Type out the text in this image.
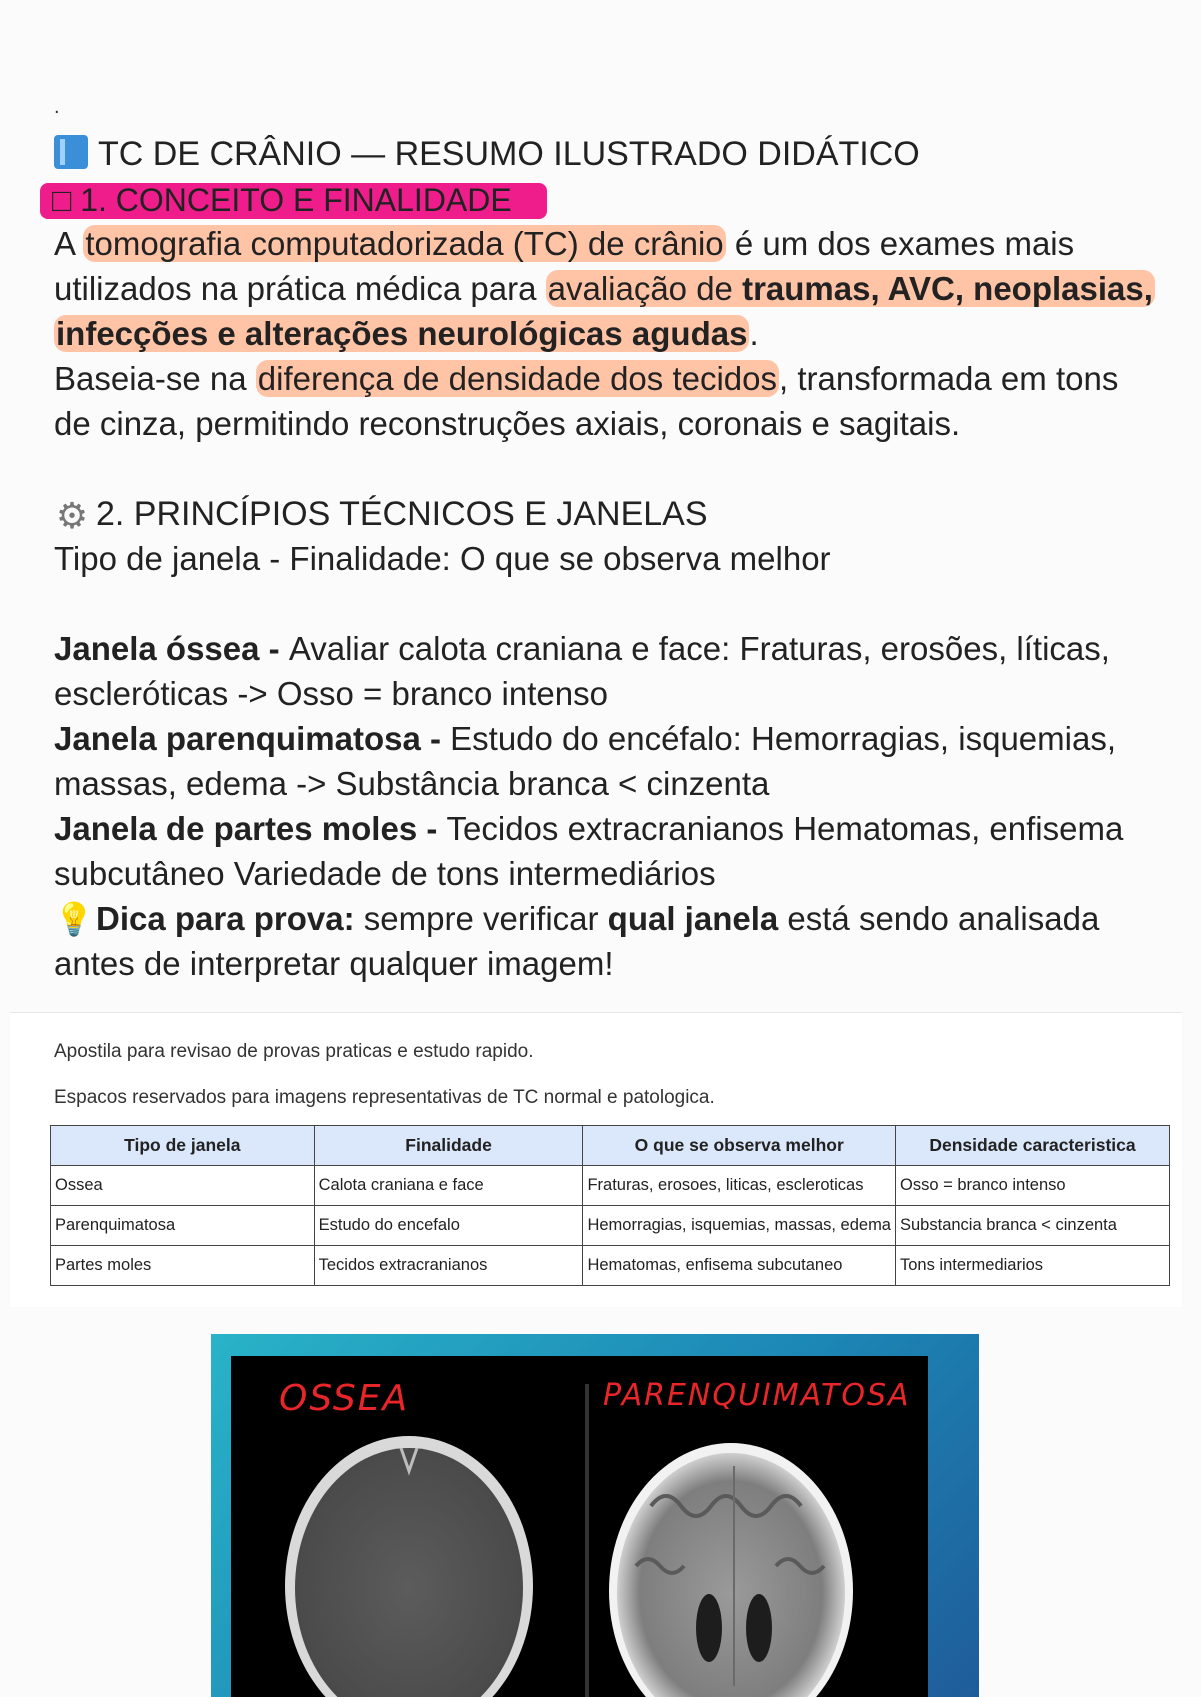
.
TC DE CRÂNIO — RESUMO ILUSTRADO DIDÁTICO
□ 1. CONCEITO E FINALIDADE
A tomografia computadorizada (TC) de crânio é um dos exames mais
utilizados na prática médica para avaliação de traumas, AVC, neoplasias,
infecções e alterações neurológicas agudas.
Baseia-se na diferença de densidade dos tecidos, transformada em tons
de cinza, permitindo reconstruções axiais, coronais e sagitais.
⚙ 2. PRINCÍPIOS TÉCNICOS E JANELAS
Tipo de janela - Finalidade: O que se observa melhor
Janela óssea - Avaliar calota craniana e face: Fraturas, erosões, líticas,
escleróticas -> Osso = branco intenso
Janela parenquimatosa - Estudo do encéfalo: Hemorragias, isquemias,
massas, edema -> Substância branca < cinzenta
Janela de partes moles - Tecidos extracranianos Hematomas, enfisema
subcutâneo Variedade de tons intermediários
💡Dica para prova: sempre verificar qual janela está sendo analisada
antes de interpretar qualquer imagem!
Apostila para revisao de provas praticas e estudo rapido.
Espacos reservados para imagens representativas de TC normal e patologica.
Tipo de janela	Finalidade	O que se observa melhor	Densidade caracteristica
Ossea	Calota craniana e face	Fraturas, erosoes, liticas, escleroticas	Osso = branco intenso
Parenquimatosa	Estudo do encefalo	Hemorragias, isquemias, massas, edema	Substancia branca < cinzenta
Partes moles	Tecidos extracranianos	Hematomas, enfisema subcutaneo	Tons intermediarios
OSSEA	PARENQUIMATOSA
